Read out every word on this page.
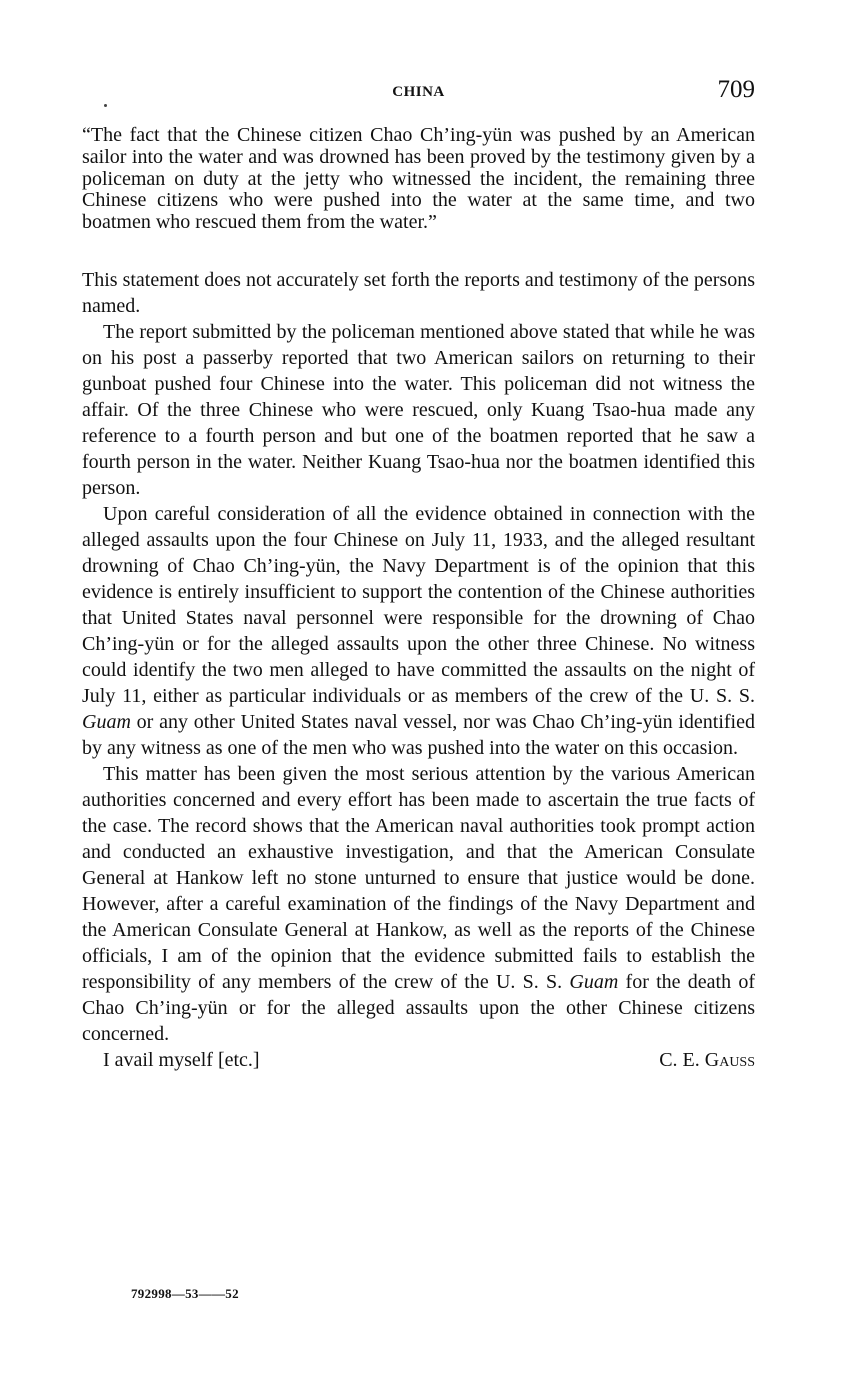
CHINA	709
“The fact that the Chinese citizen Chao Ch’ing-yün was pushed by an American sailor into the water and was drowned has been proved by the testimony given by a policeman on duty at the jetty who witnessed the incident, the remaining three Chinese citizens who were pushed into the water at the same time, and two boatmen who rescued them from the water.”

This statement does not accurately set forth the reports and testimony of the persons named.

The report submitted by the policeman mentioned above stated that while he was on his post a passerby reported that two American sailors on returning to their gunboat pushed four Chinese into the water. This policeman did not witness the affair. Of the three Chinese who were rescued, only Kuang Tsao-hua made any reference to a fourth person and but one of the boatmen reported that he saw a fourth person in the water. Neither Kuang Tsao-hua nor the boatmen identified this person.

Upon careful consideration of all the evidence obtained in connection with the alleged assaults upon the four Chinese on July 11, 1933, and the alleged resultant drowning of Chao Ch’ing-yün, the Navy Department is of the opinion that this evidence is entirely insufficient to support the contention of the Chinese authorities that United States naval personnel were responsible for the drowning of Chao Ch’ing-yün or for the alleged assaults upon the other three Chinese. No witness could identify the two men alleged to have committed the assaults on the night of July 11, either as particular individuals or as members of the crew of the U. S. S. Guam or any other United States naval vessel, nor was Chao Ch’ing-yün identified by any witness as one of the men who was pushed into the water on this occasion.

This matter has been given the most serious attention by the various American authorities concerned and every effort has been made to ascertain the true facts of the case. The record shows that the American naval authorities took prompt action and conducted an exhaustive investigation, and that the American Consulate General at Hankow left no stone unturned to ensure that justice would be done. However, after a careful examination of the findings of the Navy Department and the American Consulate General at Hankow, as well as the reports of the Chinese officials, I am of the opinion that the evidence submitted fails to establish the responsibility of any members of the crew of the U. S. S. Guam for the death of Chao Ch’ing-yün or for the alleged assaults upon the other Chinese citizens concerned.

I avail myself [etc.]	C. E. Gauss
792998—53——52
